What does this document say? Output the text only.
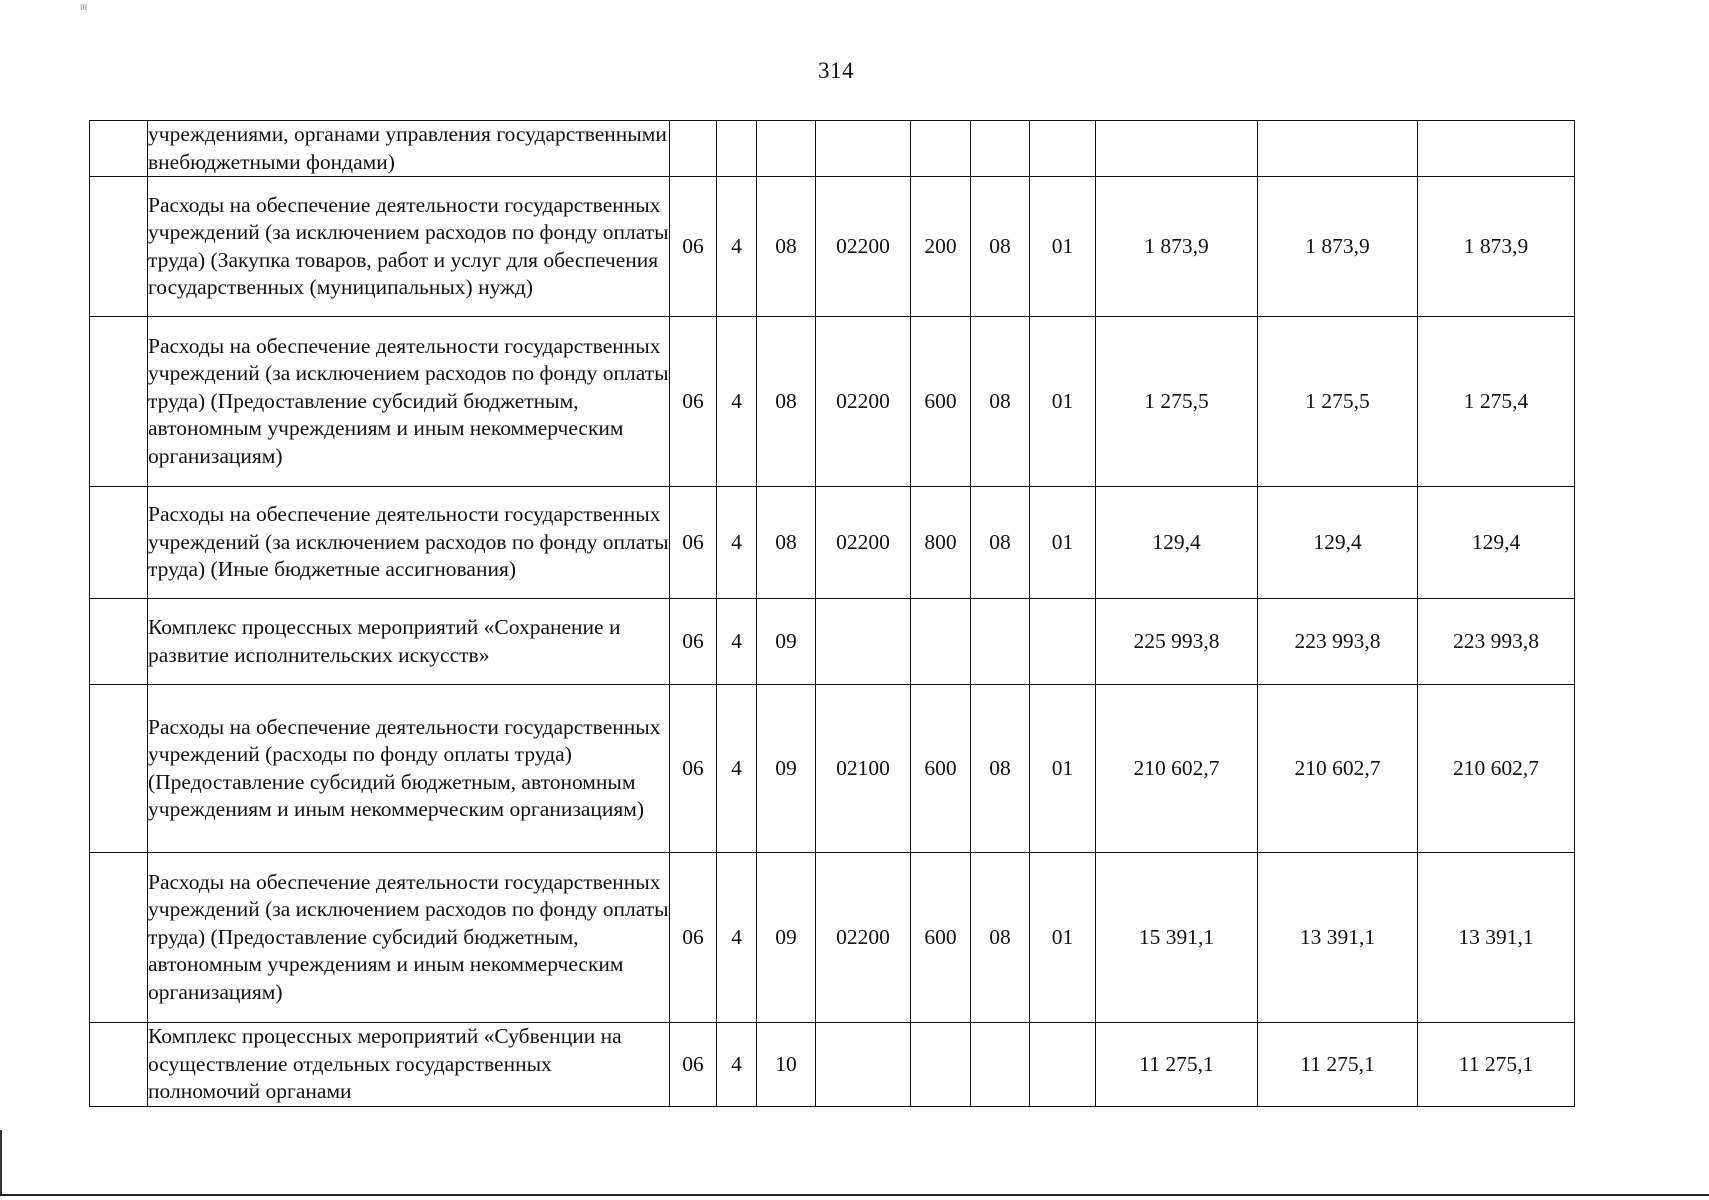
ᴵᴵᴵ
314
	учреждениями, органами управления государственными внебюджетными фондами)										
	Расходы на обеспечение деятельности государственных учреждений (за исключением расходов по фонду оплаты труда) (Закупка товаров, работ и услуг для обеспечения государственных (муниципальных) нужд)	06	4	08	02200	200	08	01	1 873,9	1 873,9	1 873,9
	Расходы на обеспечение деятельности государственных учреждений (за исключением расходов по фонду оплаты труда) (Предоставление субсидий бюджетным, автономным учреждениям и иным некоммерческим организациям)	06	4	08	02200	600	08	01	1 275,5	1 275,5	1 275,4
	Расходы на обеспечение деятельности государственных учреждений (за исключением расходов по фонду оплаты труда) (Иные бюджетные ассигнования)	06	4	08	02200	800	08	01	129,4	129,4	129,4
	Комплекс процессных мероприятий «Сохранение и развитие исполнительских искусств»	06	4	09					225 993,8	223 993,8	223 993,8
	Расходы на обеспечение деятельности государственных учреждений (расходы по фонду оплаты труда) (Предоставление субсидий бюджетным, автономным учреждениям и иным некоммерческим организациям)	06	4	09	02100	600	08	01	210 602,7	210 602,7	210 602,7
	Расходы на обеспечение деятельности государственных учреждений (за исключением расходов по фонду оплаты труда) (Предоставление субсидий бюджетным, автономным учреждениям и иным некоммерческим организациям)	06	4	09	02200	600	08	01	15 391,1	13 391,1	13 391,1
	Комплекс процессных мероприятий «Субвенции на осуществление отдельных государственных полномочий органами	06	4	10					11 275,1	11 275,1	11 275,1
